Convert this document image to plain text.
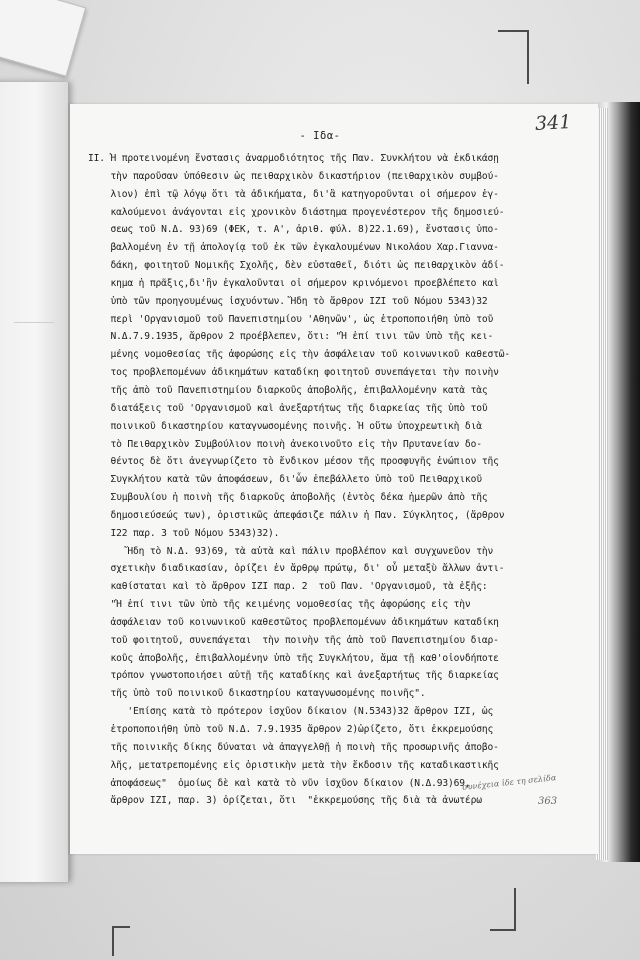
341
- Ιδα-
ΙΙ. Ἡ προτεινομένη ἔνστασις ἀναρμοδιότητος τῆς Παν. Συνκλήτου νὰ ἐκδικάσῃ
τὴν παροῦσαν ὑπόθεσιν ὡς πειθαρχικὸν δικαστήριον (πειθαρχικὸν συμβού-
λιον) ἐπὶ τῷ λόγῳ ὅτι τὰ ἀδικήματα, δι'ἃ κατηγοροῦνται οἱ σήμερον ἐγ-
καλούμενοι ἀνάγονται εἰς χρονικὸν διάστημα προγενέστερον τῆς δημοσιεύ-
σεως τοῦ Ν.Δ. 93)69 (ΦΕΚ, τ. Α', ἀριθ. φύλ. 8)22.1.69), ἔνστασις ὑπο-
βαλλομένη ἐν τῇ ἀπολογίᾳ τοῦ ἐκ τῶν ἐγκαλουμένων Νικολάου Χαρ.Γιαννα-
δάκη, φοιτητοῦ Νομικῆς Σχολῆς, δὲν εὐσταθεῖ, διότι ὡς πειθαρχικὸν ἀδί-
κημα ἡ πρᾶξις,δι'ἣν ἐγκαλοῦνται οἱ σήμερον κρινόμενοι προεβλέπετο καὶ
ὑπὸ τῶν προηγουμένως ἰσχυόντων. Ἤδη τὸ ἄρθρον ΙΖΙ τοῦ Νόμου 5343)32
περὶ 'Οργανισμοῦ τοῦ Πανεπιστημίου 'Αθηνῶν', ὡς ἐτροποποιήθη ὑπὸ τοῦ
Ν.Δ.7.9.1935, ἄρθρον 2 προέβλεπεν, ὅτι: "Ἡ ἐπί τινι τῶν ὑπὸ τῆς κει-
μένης νομοθεσίας τῆς ἀφορώσης εἰς τὴν ἀσφάλειαν τοῦ κοινωνικοῦ καθεστῶ-
τος προβλεπομένων ἀδικημάτων καταδίκη φοιτητοῦ συνεπάγεται τὴν ποινὴν
τῆς ἀπὸ τοῦ Πανεπιστημίου διαρκοῦς ἀποβολῆς, ἐπιβαλλομένην κατὰ τὰς
διατάξεις τοῦ 'Οργανισμοῦ καὶ ἀνεξαρτήτως τῆς διαρκείας τῆς ὑπὸ τοῦ
ποινικοῦ δικαστηρίου καταγνωσομένης ποινῆς. Ἡ οὕτω ὑποχρεωτικὴ διὰ
τὸ Πειθαρχικὸν Συμβούλιον ποινὴ ἀνεκοινοῦτο εἰς τὴν Πρυτανείαν δο-
θέντος δὲ ὅτι ἀνεγνωρίζετο τὸ ἔνδικον μέσον τῆς προσφυγῆς ἐνώπιον τῆς
Συγκλήτου κατὰ τῶν ἀποφάσεων, δι'ὧν ἐπεβάλλετο ὑπὸ τοῦ Πειθαρχικοῦ
Συμβουλίου ἡ ποινὴ τῆς διαρκοῦς ἀποβολῆς (ἐντὸς δέκα ἡμερῶν ἀπὸ τῆς
δημοσιεύσεώς των), ὁριστικῶς ἀπεφάσιζε πάλιν ἡ Παν. Σύγκλητος, (ἄρθρον
Ι22 παρ. 3 τοῦ Νόμου 5343)32).
Ἤδη τὸ Ν.Δ. 93)69, τὰ αὐτὰ καὶ πάλιν προβλέπον καὶ συγχωνεῦον τὴν
σχετικὴν διαδικασίαν, ὁρίζει ἐν ἄρθρῳ πρώτῳ, δι' οὗ μεταξὺ ἄλλων ἀντι-
καθίσταται καὶ τὸ ἄρθρον ΙΖΙ παρ. 2  τοῦ Παν. 'Οργανισμοῦ, τὰ ἑξῆς:
"Ἡ ἐπί τινι τῶν ὑπὸ τῆς κειμένης νομοθεσίας τῆς ἀφορώσης εἰς τὴν
ἀσφάλειαν τοῦ κοινωνικοῦ καθεστῶτος προβλεπομένων ἀδικημάτων καταδίκη
τοῦ φοιτητοῦ, συνεπάγεται  τὴν ποινὴν τῆς ἀπὸ τοῦ Πανεπιστημίου διαρ-
κοῦς ἀποβολῆς, ἐπιβαλλομένην ὑπὸ τῆς Συγκλήτου, ἅμα τῇ καθ'οἱονδήποτε
τρόπον γνωστοποιήσει αὐτῇ τῆς καταδίκης καὶ ἀνεξαρτήτως τῆς διαρκείας
τῆς ὑπὸ τοῦ ποινικοῦ δικαστηρίου καταγνωσομένης ποινῆς".
'Επίσης κατὰ τὸ πρότερον ἰσχῦον δίκαιον (Ν.5343)32 ἄρθρον ΙΖΙ, ὡς
ἐτροποποιήθη ὑπὸ τοῦ Ν.Δ. 7.9.1935 ἄρθρον 2)ὡρίζετο, ὅτι ἐκκρεμούσης
τῆς ποινικῆς δίκης δύναται νὰ ἀπαγγελθῇ ἡ ποινὴ τῆς προσωρινῆς ἀποβο-
λῆς, μετατρεπομένης εἰς ὁριστικὴν μετὰ τὴν ἔκδοσιν τῆς καταδικαστικῆς
ἀποφάσεως"  ὁμοίως δὲ καὶ κατὰ τὸ νῦν ἰσχῦον δίκαιον (Ν.Δ.93)69,
ἄρθρον ΙΖΙ, παρ. 3) ὁρίζεται, ὅτι  "ἐκκρεμούσης τῆς διὰ τὰ ἀνωτέρω
συνέχεια ἰδε τη σελίδα
363
